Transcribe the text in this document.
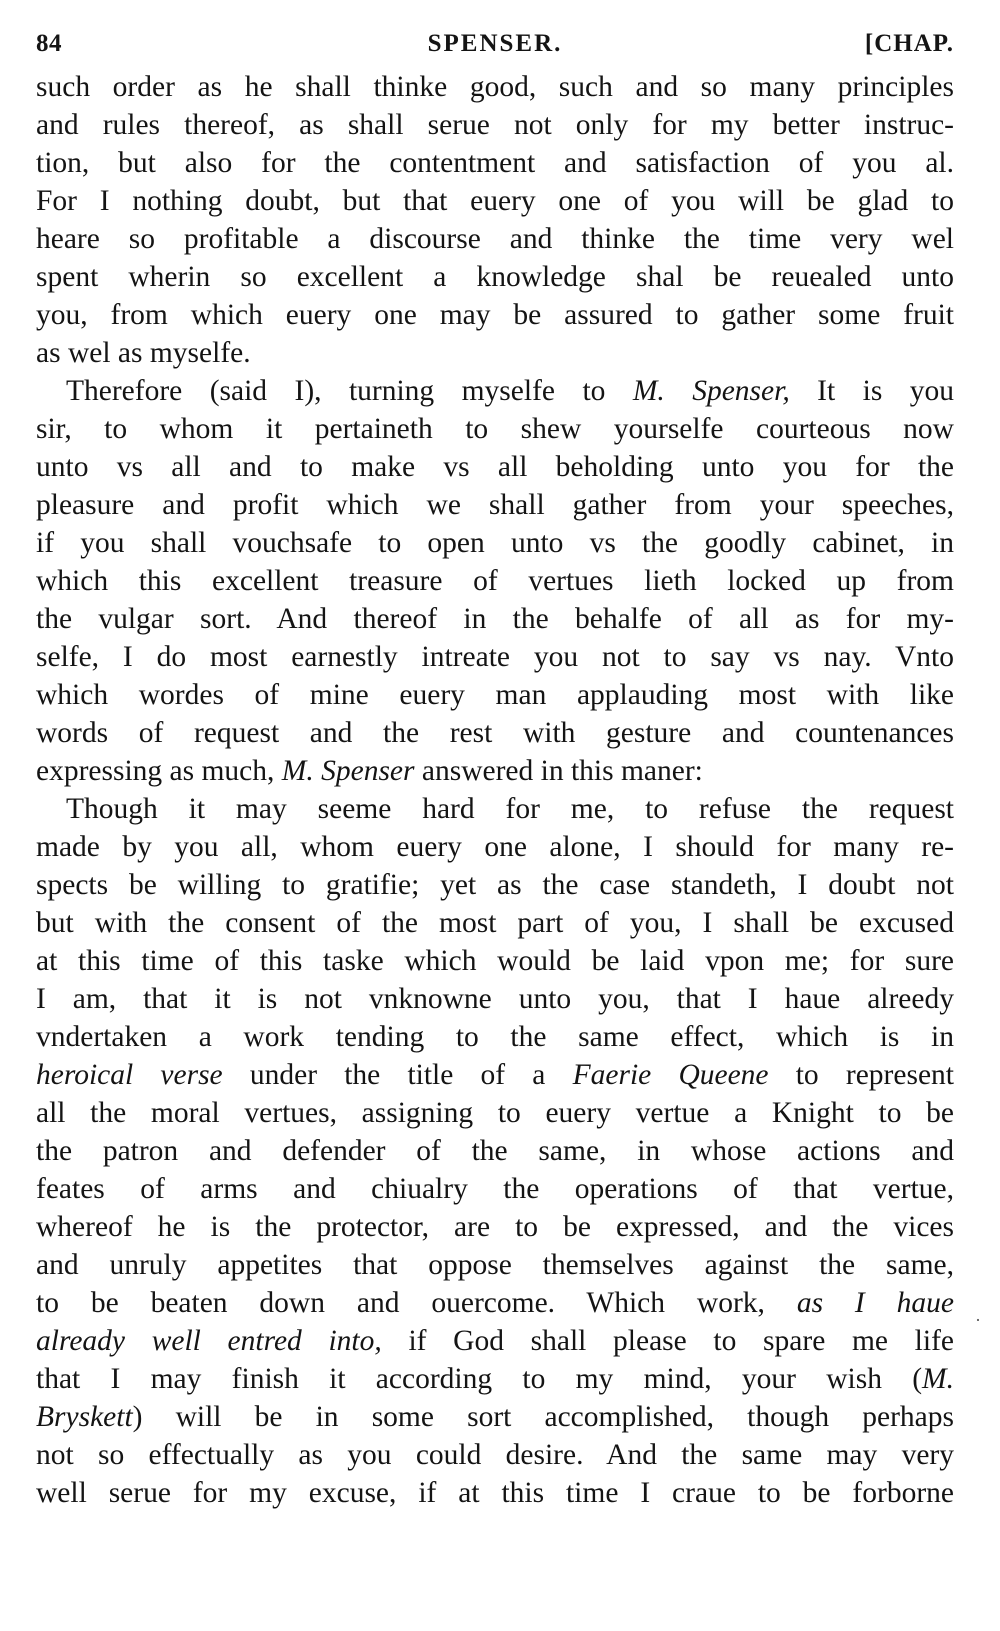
84	SPENSER.	[CHAP.
such order as he shall thinke good, such and so many principles
and rules thereof, as shall serue not only for my better instruc-
tion, but also for the contentment and satisfaction of you al.
For I nothing doubt, but that euery one of you will be glad to
heare so profitable a discourse and thinke the time very wel
spent wherin so excellent a knowledge shal be reuealed unto
you, from which euery one may be assured to gather some fruit
as wel as myselfe.
Therefore (said I), turning myselfe to M. Spenser, It is you
sir, to whom it pertaineth to shew yourselfe courteous now
unto vs all and to make vs all beholding unto you for the
pleasure and profit which we shall gather from your speeches,
if you shall vouchsafe to open unto vs the goodly cabinet, in
which this excellent treasure of vertues lieth locked up from
the vulgar sort. And thereof in the behalfe of all as for my-
selfe, I do most earnestly intreate you not to say vs nay. Vnto
which wordes of mine euery man applauding most with like
words of request and the rest with gesture and countenances
expressing as much, M. Spenser answered in this maner:
Though it may seeme hard for me, to refuse the request
made by you all, whom euery one alone, I should for many re-
spects be willing to gratifie; yet as the case standeth, I doubt not
but with the consent of the most part of you, I shall be excused
at this time of this taske which would be laid vpon me; for sure
I am, that it is not vnknowne unto you, that I haue alreedy
vndertaken a work tending to the same effect, which is in
heroical verse under the title of a Faerie Queene to represent
all the moral vertues, assigning to euery vertue a Knight to be
the patron and defender of the same, in whose actions and
feates of arms and chiualry the operations of that vertue,
whereof he is the protector, are to be expressed, and the vices
and unruly appetites that oppose themselves against the same,
to be beaten down and ouercome. Which work, as I haue
already well entred into, if God shall please to spare me life
that I may finish it according to my mind, your wish (M.
Bryskett) will be in some sort accomplished, though perhaps
not so effectually as you could desire. And the same may very
well serue for my excuse, if at this time I craue to be forborne
·
